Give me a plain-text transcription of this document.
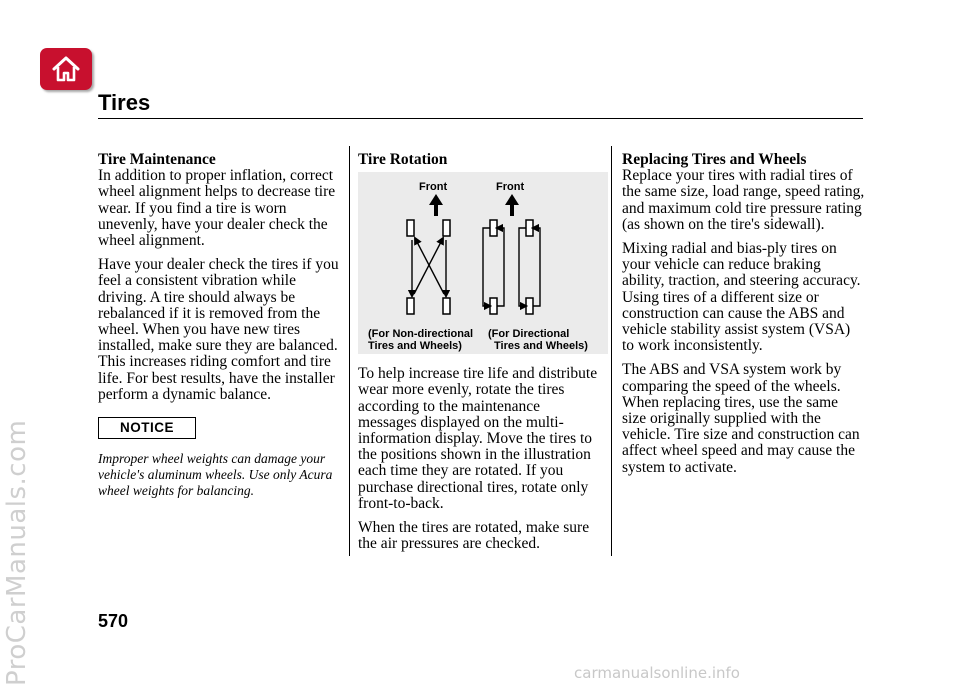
ProCarManuals.com
Tires
Tire Maintenance

In addition to proper inflation, correct wheel alignment helps to decrease tire wear. If you find a tire is worn unevenly, have your dealer check the wheel alignment.

Have your dealer check the tires if you feel a consistent vibration while driving. A tire should always be rebalanced if it is removed from the wheel. When you have new tires installed, make sure they are balanced. This increases riding comfort and tire life. For best results, have the installer perform a dynamic balance.

NOTICE
Improper wheel weights can damage your vehicle's aluminum wheels. Use only Acura wheel weights for balancing.
Tire Rotation
Front	Front
(For Non-directional
Tires and Wheels)
(For Directional
Tires and Wheels)

To help increase tire life and distribute wear more evenly, rotate the tires according to the maintenance messages displayed on the multi-information display. Move the tires to the positions shown in the illustration each time they are rotated. If you purchase directional tires, rotate only front-to-back.

When the tires are rotated, make sure the air pressures are checked.

Replacing Tires and Wheels

Replace your tires with radial tires of the same size, load range, speed rating, and maximum cold tire pressure rating (as shown on the tire's sidewall).

Mixing radial and bias-ply tires on your vehicle can reduce braking ability, traction, and steering accuracy. Using tires of a different size or construction can cause the ABS and vehicle stability assist system (VSA) to work inconsistently.

The ABS and VSA system work by comparing the speed of the wheels. When replacing tires, use the same size originally supplied with the vehicle. Tire size and construction can affect wheel speed and may cause the system to activate.

570
carmanualsonline.info
